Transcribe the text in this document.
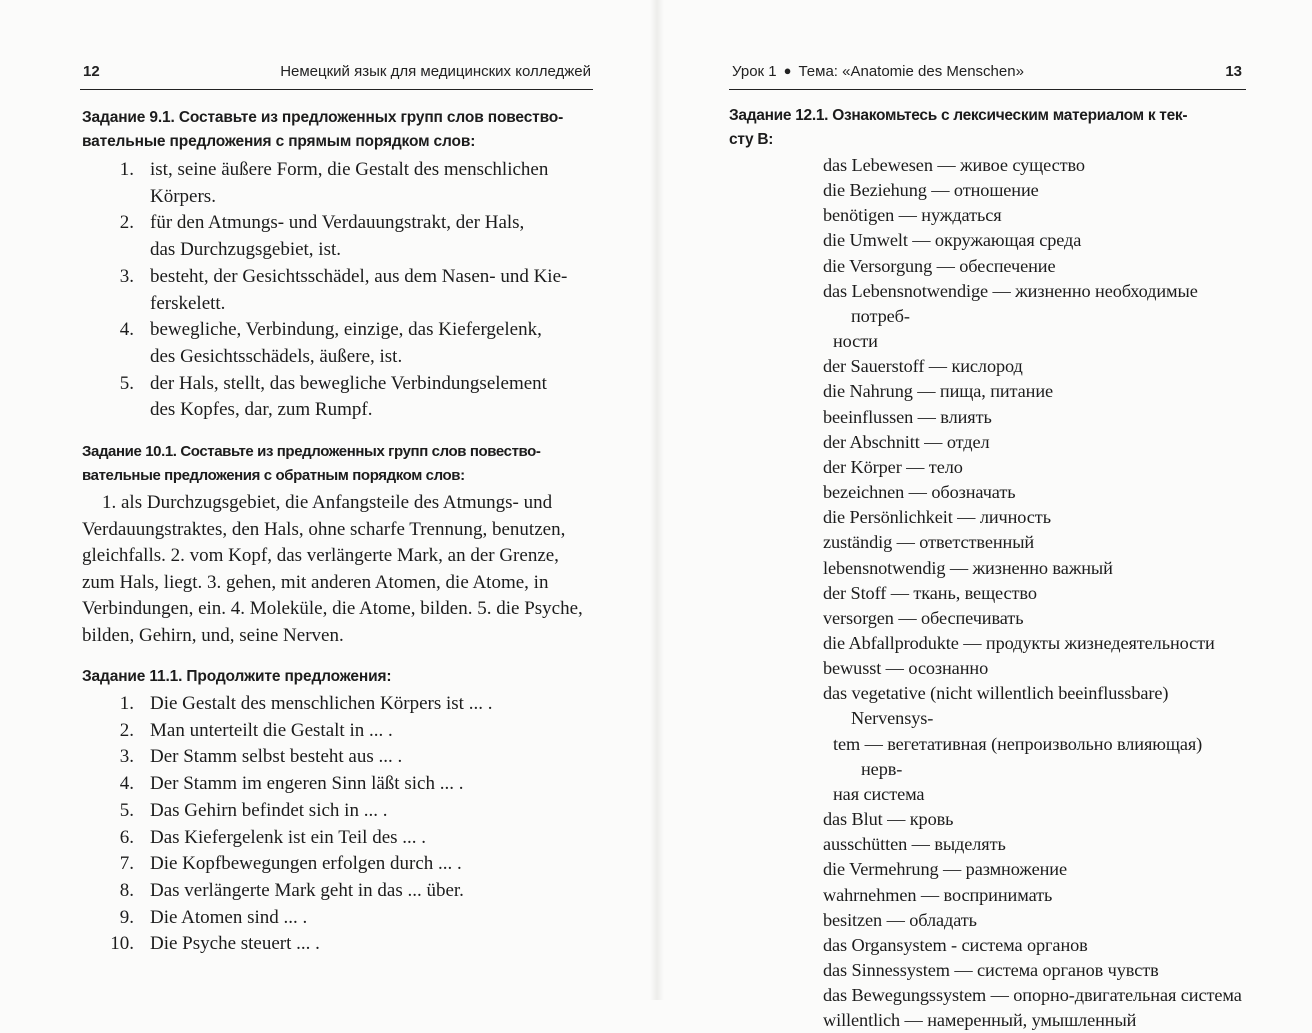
12	Немецкий язык для медицинских колледжей
Задание 9.1. Составьте из предложенных групп слов повество-
вательные предложения с прямым порядком слов:
1. ist, seine äußere Form, die Gestalt des menschlichen
Körpers.
2. für den Atmungs- und Verdauungstrakt, der Hals,
das Durchzugsgebiet, ist.
3. besteht, der Gesichtsschädel, aus dem Nasen- und Kie-
ferskelett.
4. bewegliche, Verbindung, einzige, das Kiefergelenk,
des Gesichtsschädels, äußere, ist.
5. der Hals, stellt, das bewegliche Verbindungselement
des Kopfes, dar, zum Rumpf.
Задание 10.1. Составьте из предложенных групп слов повество-
вательные предложения с обратным порядком слов:
1. als Durchzugsgebiet, die Anfangsteile des Atmungs- und
Verdauungstraktes, den Hals, ohne scharfe Trennung, benutzen,
gleichfalls. 2. vom Kopf, das verlängerte Mark, an der Grenze,
zum Hals, liegt. 3. gehen, mit anderen Atomen, die Atome, in
Verbindungen, ein. 4. Moleküle, die Atome, bilden. 5. die Psyche,
bilden, Gehirn, und, seine Nerven.
Задание 11.1. Продолжите предложения:
1. Die Gestalt des menschlichen Körpers ist ... .
2. Man unterteilt die Gestalt in ... .
3. Der Stamm selbst besteht aus ... .
4. Der Stamm im engeren Sinn läßt sich ... .
5. Das Gehirn befindet sich in ... .
6. Das Kiefergelenk ist ein Teil des ... .
7. Die Kopfbewegungen erfolgen durch ... .
8. Das verlängerte Mark geht in das ... über.
9. Die Atomen sind ... .
10. Die Psyche steuert ... .
Урок 1 ● Тема: «Anatomie des Menschen»	13
Задание 12.1. Ознакомьтесь с лексическим материалом к тек-
сту В:
das Lebewesen — живое существо
die Beziehung — отношение
benötigen — нуждаться
die Umwelt — окружающая среда
die Versorgung — обеспечение
das Lebensnotwendige — жизненно необходимые потреб-
ности
der Sauerstoff — кислород
die Nahrung — пища, питание
beeinflussen — влиять
der Abschnitt — отдел
der Körper — тело
bezeichnen — обозначать
die Persönlichkeit — личность
zuständig — ответственный
lebensnotwendig — жизненно важный
der Stoff — ткань, вещество
versorgen — обеспечивать
die Abfallprodukte — продукты жизнедеятельности
bewusst — осознанно
das vegetative (nicht willentlich beeinflussbare) Nervensys-
tem — вегетативная (непроизвольно влияющая) нерв-
ная система
das Blut — кровь
ausschütten — выделять
die Vermehrung — размножение
wahrnehmen — воспринимать
besitzen — обладать
das Organsystem - система органов
das Sinnessystem — система органов чувств
das Bewegungssystem — опорно-двигательная система
willentlich — намеренный, умышленный
